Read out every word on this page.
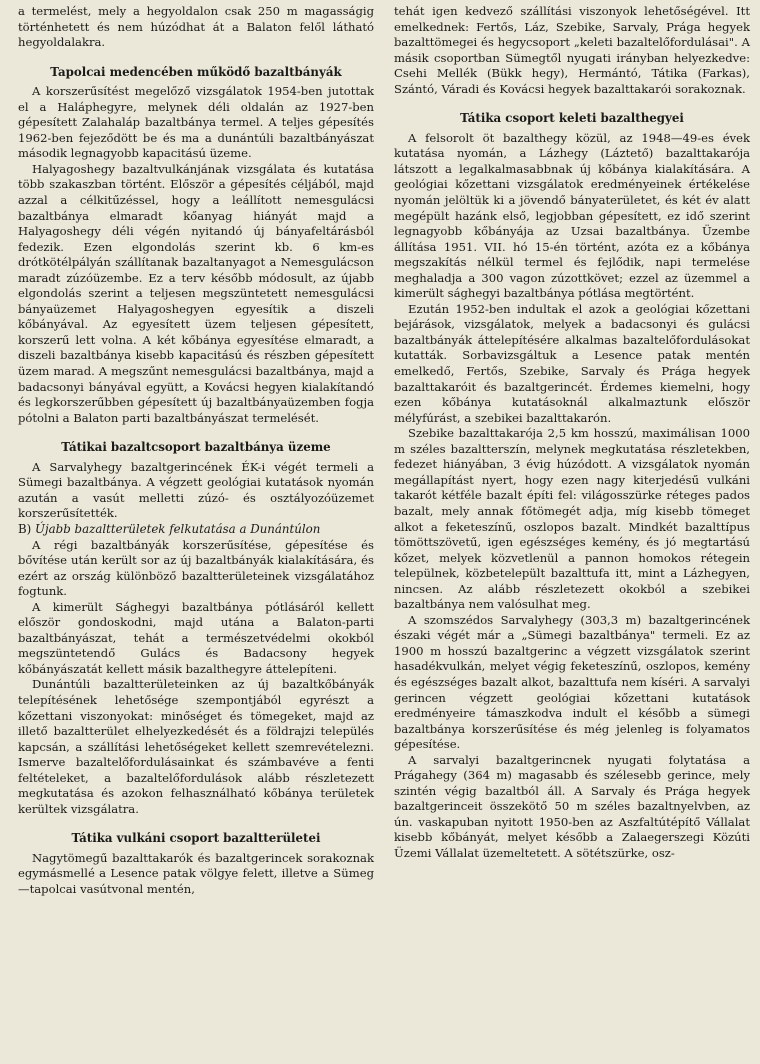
a termelést, mely a hegyoldalon csak 250 m magasságig történhetett és nem húzódhat át a Balaton felől látható hegyoldalakra.

Tapolcai medencében működő bazaltbányák

A korszerűsítést megelőző vizsgálatok 1954-ben jutottak el a Haláphegyre, melynek déli oldalán az 1927-ben gépesített Zalahaláp bazaltbánya termel. A teljes gépesítés 1962-ben fejeződött be és ma a dunántúli bazaltbányászat második legnagyobb kapacitású üzeme.

Halyagoshegy bazaltvulkánjának vizsgálata és kutatása több szakaszban történt. Először a gépesítés céljából, majd azzal a célkitűzéssel, hogy a leállított nemesgulácsi bazaltbánya elmaradt kőanyag hiányát majd a Halyagoshegy déli végén nyitandó új bányafeltárásból fedezik. Ezen elgondolás szerint kb. 6 km-es drótkötélpályán szállítanak bazaltanyagot a Nemesgulácson maradt zúzóüzembe. Ez a terv később módosult, az újabb elgondolás szerint a teljesen megszüntetett nemesgulácsi bányaüzemet Halyagoshegyen egyesítik a diszeli kőbányával. Az egyesített üzem teljesen gépesített, korszerű lett volna. A két kőbánya egyesítése elmaradt, a diszeli bazaltbánya kisebb kapacitású és részben gépesített üzem marad. A megszűnt nemesgulácsi bazaltbánya, majd a badacsonyi bányával együtt, a Kovácsi hegyen kialakítandó és legkorszerűbben gépesített új bazaltbányaüzemben fogja pótolni a Balaton parti bazaltbányászat termelését.

Tátikai bazaltcsoport bazaltbánya üzeme

A Sarvalyhegy bazaltgerincének ÉK-i végét termeli a Sümegi bazaltbánya. A végzett geológiai kutatások nyomán azután a vasút melletti zúzó- és osztályozóüzemet korszerűsítették.

B) Újabb bazaltterületek felkutatása a Dunántúlon

A régi bazaltbányák korszerűsítése, gépesítése és bővítése után került sor az új bazaltbányák kialakítására, és ezért az ország különböző bazaltterületeinek vizsgálatához fogtunk.

A kimerült Sághegyi bazaltbánya pótlásáról kellett először gondoskodni, majd utána a Balaton-parti bazaltbányászat, tehát a természetvédelmi okokból megszüntetendő Gulács és Badacsony hegyek kőbányászatát kellett másik bazalthegyre áttelepíteni.

Dunántúli bazaltterületeinken az új bazaltkőbányák telepítésének lehetősége szempontjából egyrészt a kőzettani viszonyokat: minőséget és tömegeket, majd az illető bazaltterület elhelyezkedését és a földrajzi település kapcsán, a szállítási lehetőségeket kellett szemrevételezni. Ismerve bazaltelőfordulásainkat és számbavéve a fenti feltételeket, a bazaltelőfordulások alább részletezett megkutatása és azokon felhasználható kőbánya területek kerültek vizsgálatra.

Tátika vulkáni csoport bazaltterületei

Nagytömegű bazalttakarók és bazaltgerincek sorakoznak egymásmellé a Lesence patak völgye felett, illetve a Sümeg—tapolcai vasútvonal mentén,

tehát igen kedvező szállítási viszonyok lehetőségével. Itt emelkednek: Fertős, Láz, Szebike, Sarvaly, Prága hegyek bazalttömegei és hegycsoport „keleti bazaltelőfordulásai". A másik csoportban Sümegtől nyugati irányban helyezkedve: Csehi Mellék (Bükk hegy), Hermántó, Tátika (Farkas), Szántó, Váradi és Kovácsi hegyek bazalttakarói sorakoznak.

Tátika csoport keleti bazalthegyei

A felsorolt öt bazalthegy közül, az 1948—49-es évek kutatása nyomán, a Lázhegy (Láztető) bazalttakarója látszott a legalkalmasabbnak új kőbánya kialakítására. A geológiai kőzettani vizsgálatok eredményeinek értékelése nyomán jelöltük ki a jövendő bányaterületet, és két év alatt megépült hazánk első, legjobban gépesített, ez idő szerint legnagyobb kőbányája az Uzsai bazaltbánya. Üzembe állítása 1951. VII. hó 15-én történt, azóta ez a kőbánya megszakítás nélkül termel és fejlődik, napi termelése meghaladja a 300 vagon zúzottkövet; ezzel az üzemmel a kimerült sághegyi bazaltbánya pótlása megtörtént.

Ezután 1952-ben indultak el azok a geológiai kőzettani bejárások, vizsgálatok, melyek a badacsonyi és gulácsi bazaltbányák áttelepítésére alkalmas bazaltelőfordulásokat kutatták. Sorbavizsgáltuk a Lesence patak mentén emelkedő, Fertős, Szebike, Sarvaly és Prága hegyek bazalttakaróit és bazaltgerincét. Érdemes kiemelni, hogy ezen kőbánya kutatásoknál alkalmaztunk először mélyfúrást, a szebikei bazalttakarón.

Szebike bazalttakarója 2,5 km hosszú, maximálisan 1000 m széles bazaltterszín, melynek megkutatása részletekben, fedezet hiányában, 3 évig húzódott. A vizsgálatok nyomán megállapítást nyert, hogy ezen nagy kiterjedésű vulkáni takarót kétféle bazalt építi fel: világosszürke réteges pados bazalt, mely annak főtömegét adja, míg kisebb tömeget alkot a feketeszínű, oszlopos bazalt. Mindkét bazalttípus tömöttszövetű, igen egészséges kemény, és jó megtartású kőzet, melyek közvetlenül a pannon homokos rétegein települnek, közbetelepült bazalttufa itt, mint a Lázhegyen, nincsen. Az alább részletezett okokból a szebikei bazaltbánya nem valósulhat meg.

A szomszédos Sarvalyhegy (303,3 m) bazaltgerincének északi végét már a „Sümegi bazaltbánya" termeli. Ez az 1900 m hosszú bazaltgerinc a végzett vizsgálatok szerint hasadékvulkán, melyet végig feketeszínű, oszlopos, kemény és egészséges bazalt alkot, bazalttufa nem kíséri. A sarvalyi gerincen végzett geológiai kőzettani kutatások eredményeire támaszkodva indult el később a sümegi bazaltbánya korszerűsítése és még jelenleg is folyamatos gépesítése.

A sarvalyi bazaltgerincnek nyugati folytatása a Prágahegy (364 m) magasabb és szélesebb gerince, mely szintén végig bazaltból áll. A Sarvaly és Prága hegyek bazaltgerinceit összekötő 50 m széles bazaltnyelvben, az ún. vaskapuban nyitott 1950-ben az Aszfaltútépítő Vállalat kisebb kőbányát, melyet később a Zalaegerszegi Közúti Üzemi Vállalat üzemeltetett. A sötétszürke, osz-
